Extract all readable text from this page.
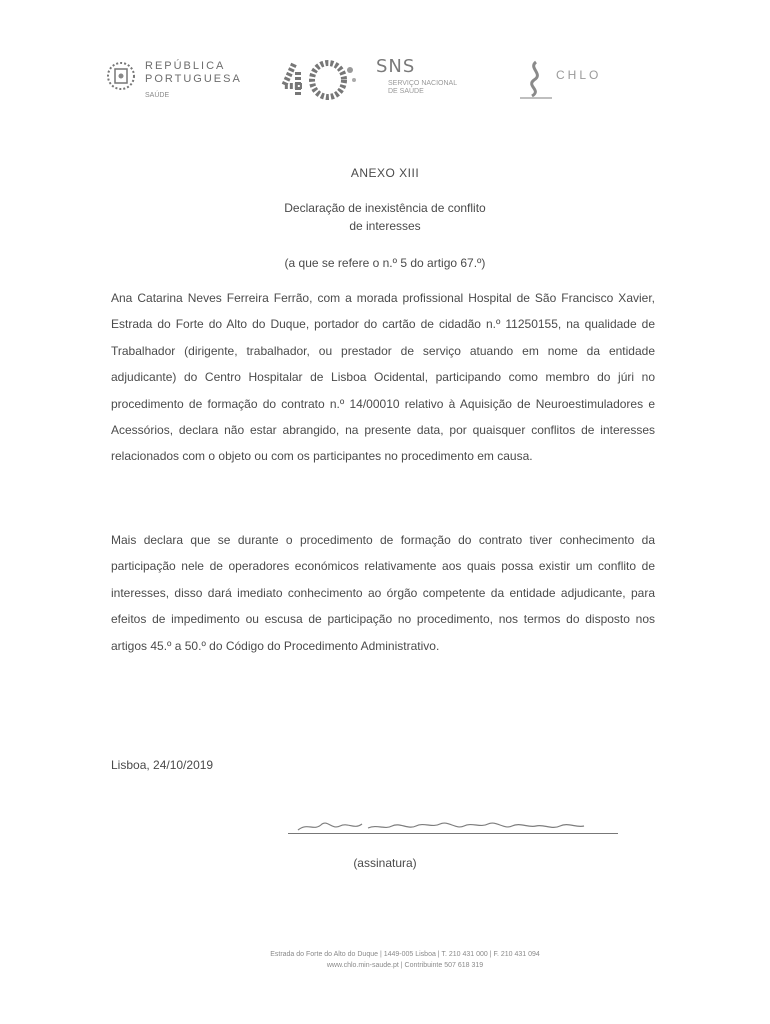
REPÚBLICA
PORTUGUESA
SAÚDE
SNS
SERVIÇO NACIONAL
DE SAÚDE
CHLO
ANEXO XIII
Declaração de inexistência de conflito
de interesses
(a que se refere o n.º 5 do artigo 67.º)
Ana Catarina Neves Ferreira Ferrão, com a morada profissional Hospital de São Francisco Xavier, Estrada do Forte do Alto do Duque, portador do cartão de cidadão n.º 11250155, na qualidade de Trabalhador (dirigente, trabalhador, ou prestador de serviço atuando em nome da entidade adjudicante) do Centro Hospitalar de Lisboa Ocidental, participando como membro do júri no procedimento de formação do contrato n.º 14/00010 relativo à Aquisição de Neuroestimuladores e Acessórios, declara não estar abrangido, na presente data, por quaisquer conflitos de interesses relacionados com o objeto ou com os participantes no procedimento em causa.
Mais declara que se durante o procedimento de formação do contrato tiver conhecimento da participação nele de operadores económicos relativamente aos quais possa existir um conflito de interesses, disso dará imediato conhecimento ao órgão competente da entidade adjudicante, para efeitos de impedimento ou escusa de participação no procedimento, nos termos do disposto nos artigos 45.º a 50.º do Código do Procedimento Administrativo.
Lisboa, 24/10/2019
(assinatura)
Estrada do Forte do Alto do Duque | 1449-005 Lisboa | T. 210 431 000 | F. 210 431 094
www.chlo.min-saude.pt | Contribuinte 507 618 319
